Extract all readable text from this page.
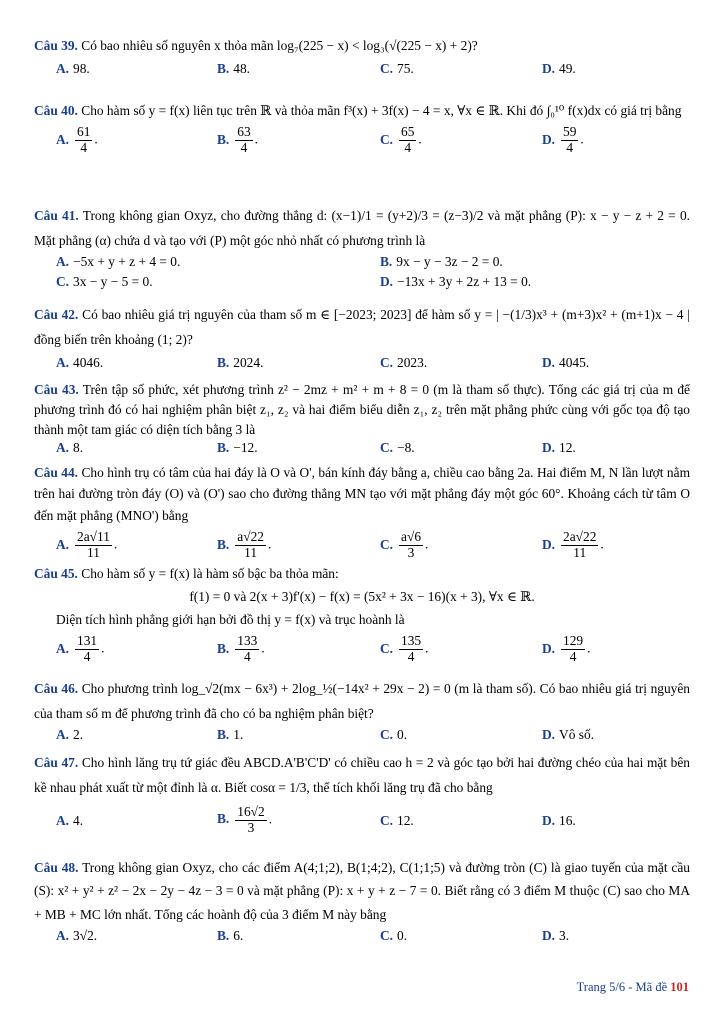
Câu 39. Có bao nhiêu số nguyên x thỏa mãn log₇(225 − x) < log₃(√(225 − x) + 2)?
A. 98.	B. 48.	C. 75.	D. 49.
Câu 40. Cho hàm số y = f(x) liên tục trên ℝ và thỏa mãn f³(x) + 3f(x) − 4 = x, ∀x ∈ ℝ. Khi đó ∫₀¹⁰ f(x)dx có giá trị bằng
A. $\frac{61}{4}$ .	B. $\frac{63}{4}$ .	C. $\frac{65}{4}$ .	D. $\frac{59}{4}$ .
Câu 41. Trong không gian Oxyz, cho đường thẳng d: (x−1)/1 = (y+2)/3 = (z−3)/2 và mặt phẳng (P): x − y − z + 2 = 0. Mặt phẳng (α) chứa d và tạo với (P) một góc nhỏ nhất có phương trình là
A. −5x + y + z + 4 = 0.	B. 9x − y − 3z − 2 = 0.
C. 3x − y − 5 = 0.	D. −13x + 3y + 2z + 13 = 0.
Câu 42. Có bao nhiêu giá trị nguyên của tham số m ∈ [−2023; 2023] để hàm số y = | −(1/3)x³ + (m+3)x² + (m+1)x − 4 | đồng biến trên khoảng (1; 2)?
A. 4046.	B. 2024.	C. 2023.	D. 4045.
Câu 43. Trên tập số phức, xét phương trình z² − 2mz + m² + m + 8 = 0 (m là tham số thực). Tổng các giá trị của m để phương trình đó có hai nghiệm phân biệt z₁, z₂ và hai điểm biểu diễn z₁, z₂ trên mặt phẳng phức cùng với gốc tọa độ tạo thành một tam giác có diện tích bằng 3 là
A. 8.	B. −12.	C. −8.	D. 12.
Câu 44. Cho hình trụ có tâm của hai đáy là O và O', bán kính đáy bằng a, chiều cao bằng 2a. Hai điểm M, N lần lượt nằm trên hai đường tròn đáy (O) và (O') sao cho đường thẳng MN tạo với mặt phẳng đáy một góc 60°. Khoảng cách từ tâm O đến mặt phẳng (MNO') bằng
A. $\frac{2a√11}{11}$ .	B. $\frac{a√22}{11}$ .	C. $\frac{a√6}{3}$ .	D. $\frac{2a√22}{11}$ .
Câu 45. Cho hàm số y = f(x) là hàm số bậc ba thỏa mãn:
f(1) = 0 và 2(x + 3)f'(x) − f(x) = (5x² + 3x − 16)(x + 3), ∀x ∈ ℝ.
Diện tích hình phẳng giới hạn bởi đồ thị y = f(x) và trục hoành là
A. $\frac{131}{4}$ .	B. $\frac{133}{4}$ .	C. $\frac{135}{4}$ .	D. $\frac{129}{4}$ .
Câu 46. Cho phương trình log_√2(mx − 6x³) + 2log_½(−14x² + 29x − 2) = 0 (m là tham số). Có bao nhiêu giá trị nguyên của tham số m để phương trình đã cho có ba nghiệm phân biệt?
A. 2.	B. 1.	C. 0.	D. Vô số.
Câu 47. Cho hình lăng trụ tứ giác đều ABCD.A'B'C'D' có chiều cao h = 2 và góc tạo bởi hai đường chéo của hai mặt bên kề nhau phát xuất từ một đỉnh là α. Biết cosα = 1/3, thể tích khối lăng trụ đã cho bằng
A. 4.	B. $\frac{16√2}{3}$ .	C. 12.	D. 16.
Câu 48. Trong không gian Oxyz, cho các điểm A(4;1;2), B(1;4;2), C(1;1;5) và đường tròn (C) là giao tuyến của mặt cầu (S): x² + y² + z² − 2x − 2y − 4z − 3 = 0 và mặt phẳng (P): x + y + z − 7 = 0. Biết rằng có 3 điểm M thuộc (C) sao cho MA + MB + MC lớn nhất. Tổng các hoành độ của 3 điểm M này bằng
A. 3√2.	B. 6.	C. 0.	D. 3.
Trang 5/6 - Mã đề 101
